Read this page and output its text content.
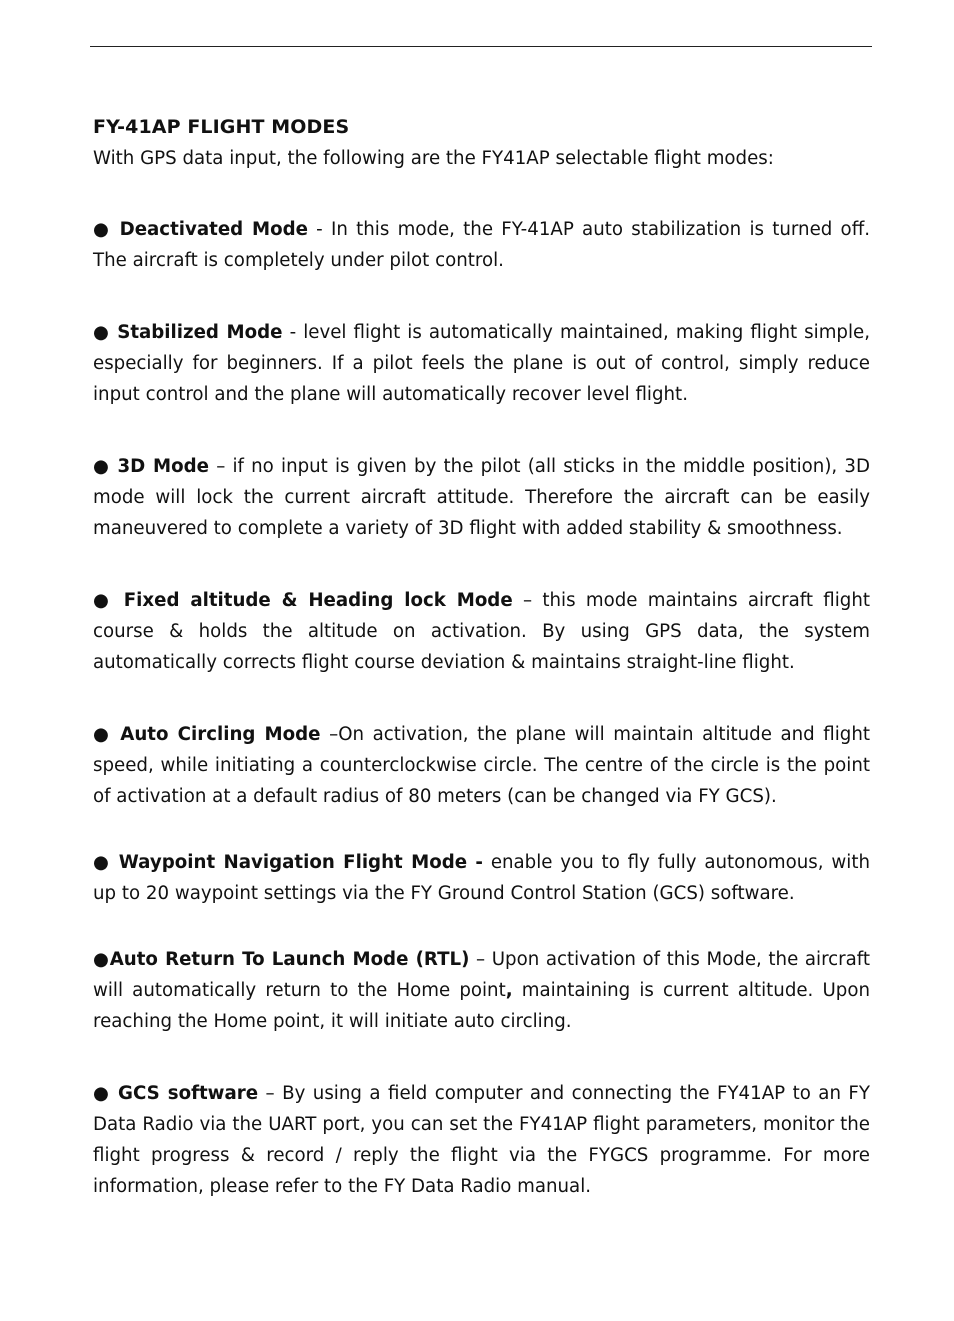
FY-41AP FLIGHT MODES

With GPS data input, the following are the FY41AP selectable flight modes:

● Deactivated Mode - In this mode, the FY-41AP auto stabilization is turned off. The aircraft is completely under pilot control.

● Stabilized Mode - level flight is automatically maintained, making flight simple, especially for beginners. If a pilot feels the plane is out of control, simply reduce input control and the plane will automatically recover level flight.

● 3D Mode – if no input is given by the pilot (all sticks in the middle position), 3D mode will lock the current aircraft attitude. Therefore the aircraft can be easily maneuvered to complete a variety of 3D flight with added stability & smoothness.

● Fixed altitude & Heading lock Mode – this mode maintains aircraft flight course & holds the altitude on activation. By using GPS data, the system automatically corrects flight course deviation & maintains straight-line flight.

● Auto Circling Mode –On activation, the plane will maintain altitude and flight speed, while initiating a counterclockwise circle. The centre of the circle is the point of activation at a default radius of 80 meters (can be changed via FY GCS).

● Waypoint Navigation Flight Mode - enable you to fly fully autonomous, with up to 20 waypoint settings via the FY Ground Control Station (GCS) software.

●Auto Return To Launch Mode (RTL) – Upon activation of this Mode, the aircraft will automatically return to the Home point, maintaining is current altitude. Upon reaching the Home point, it will initiate auto circling.

● GCS software – By using a field computer and connecting the FY41AP to an FY Data Radio via the UART port, you can set the FY41AP flight parameters, monitor the flight progress & record / reply the flight via the FYGCS programme. For more information, please refer to the FY Data Radio manual.
